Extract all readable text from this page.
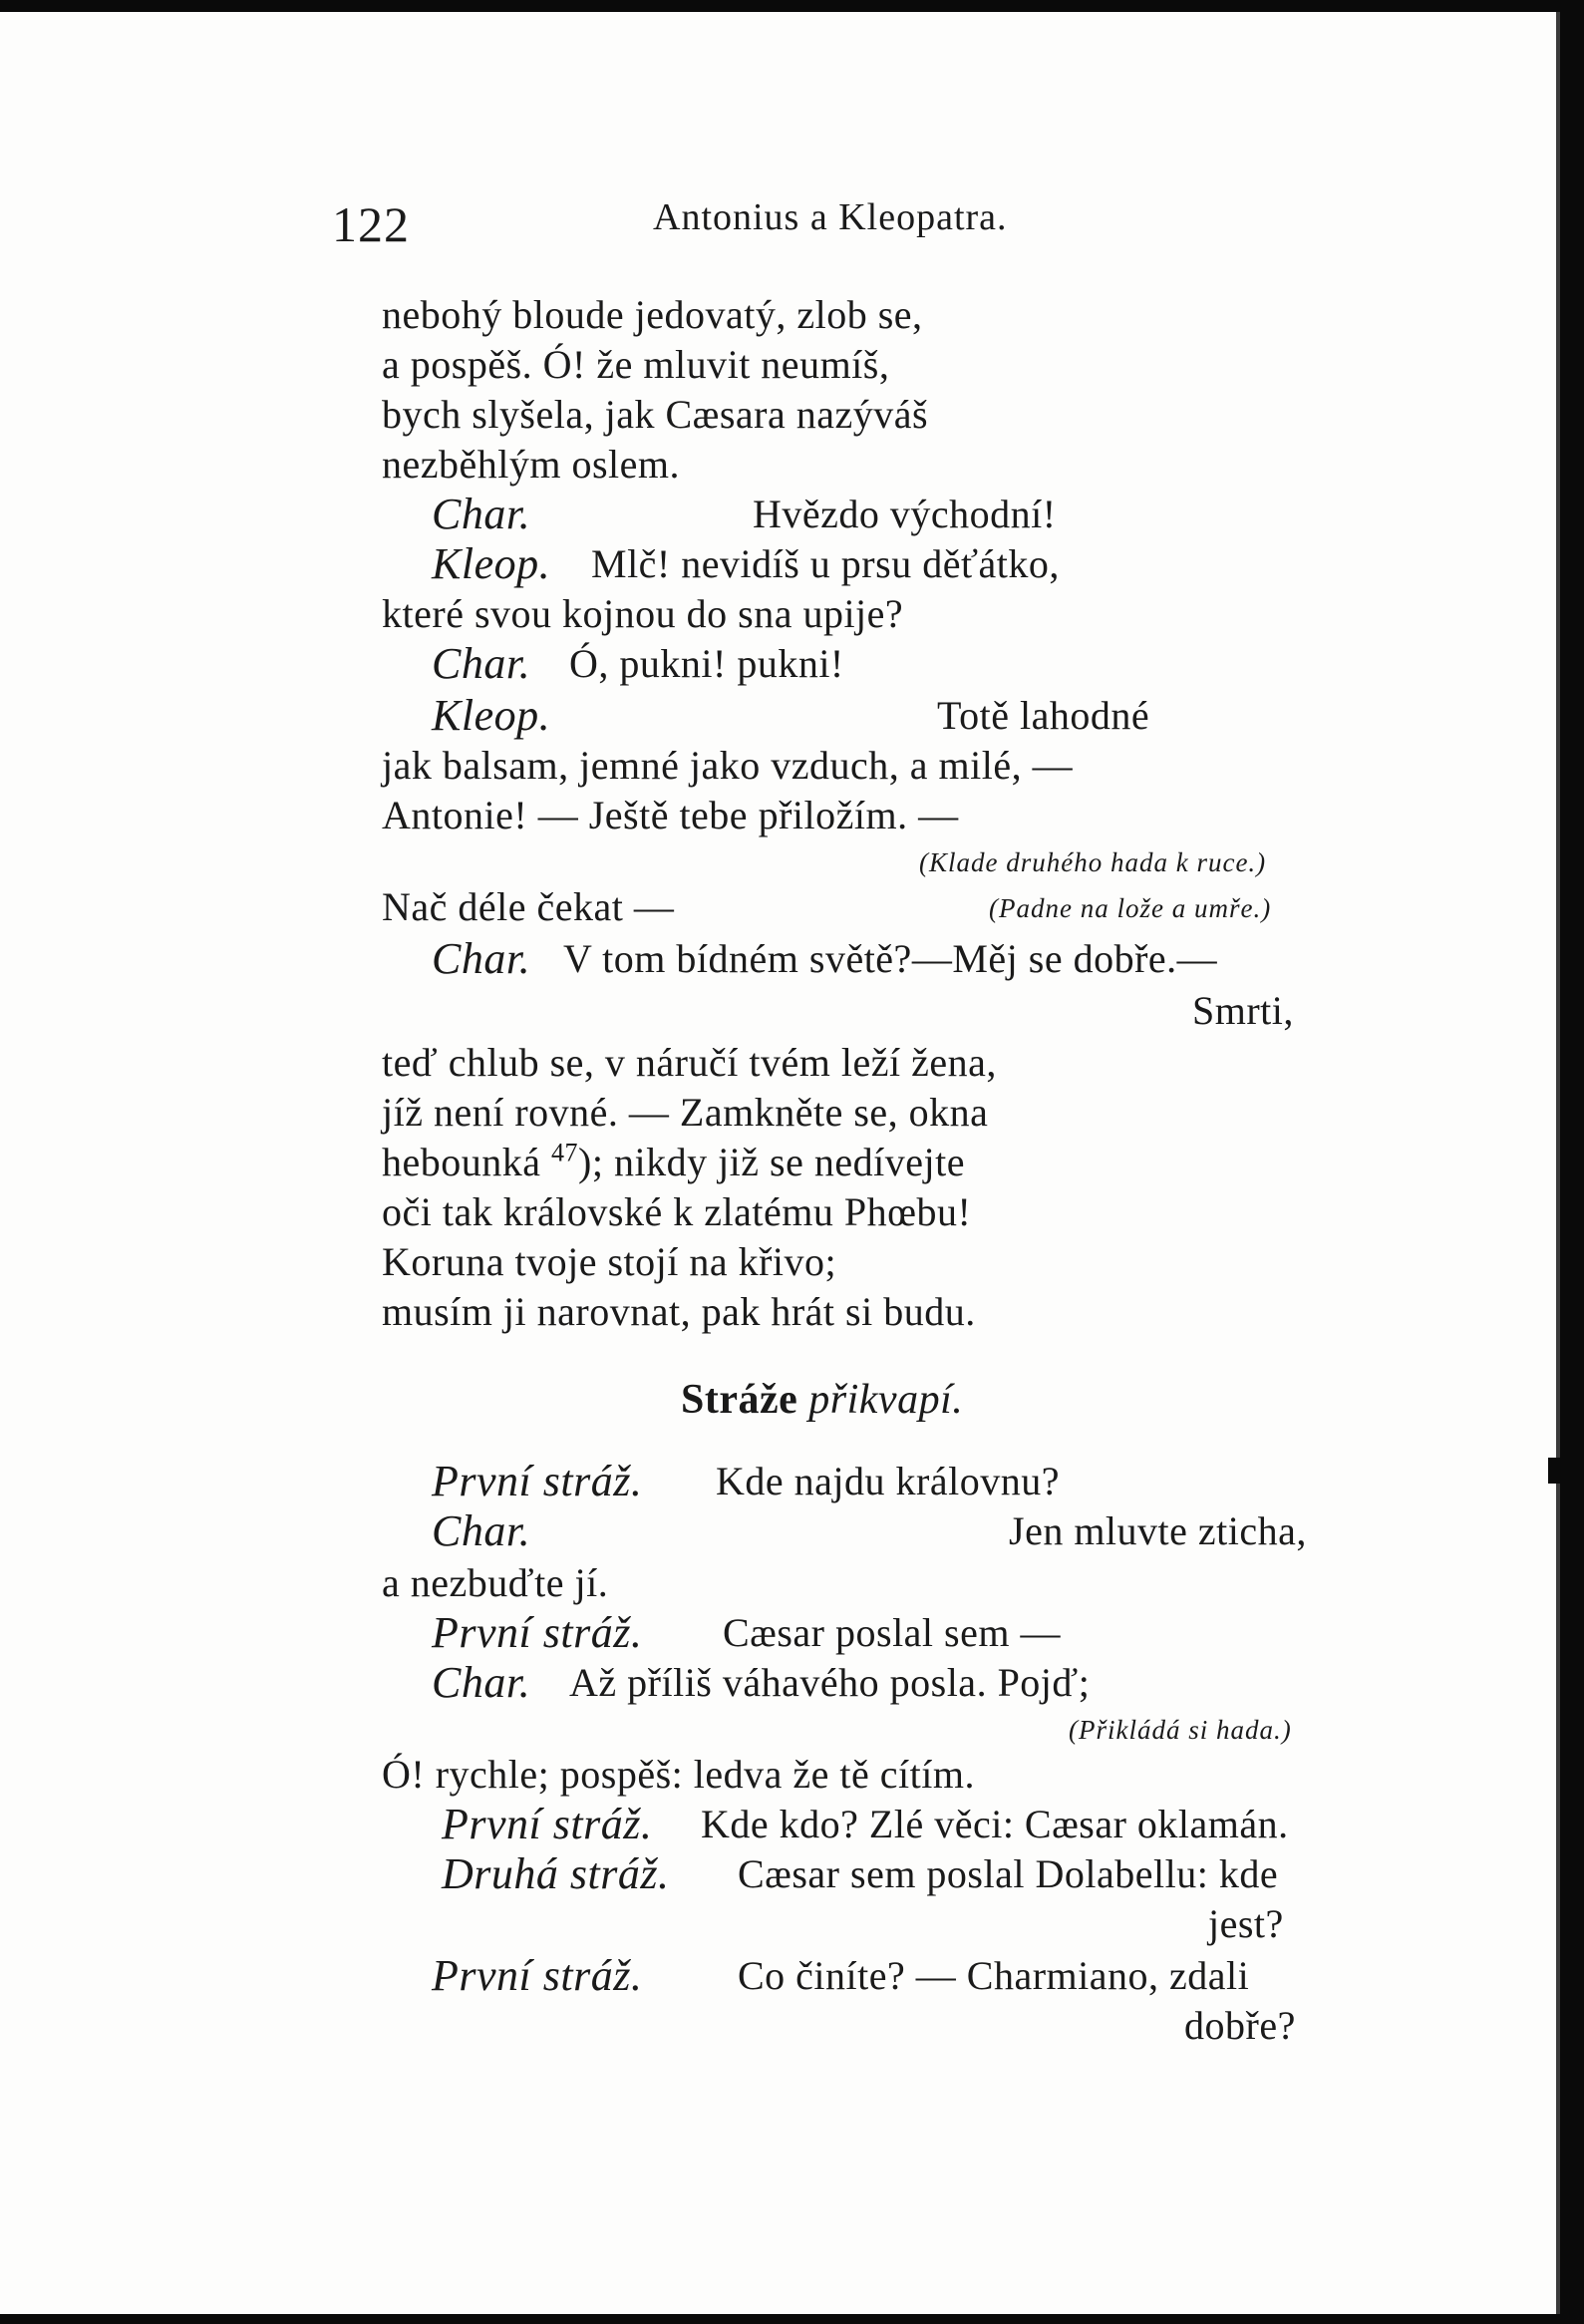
122	Antonius a Kleopatra.
nebohý bloude jedovatý, zlob se,
a pospěš. Ó! že mluvit neumíš,
bych slyšela, jak Cæsara nazýváš
nezběhlým oslem.
Char.	Hvězdo východní!
Kleop. Mlč! nevidíš u prsu děťátko,
které svou kojnou do sna upije?
Char. Ó, pukni! pukni!
Kleop.	Totě lahodné
jak balsam, jemné jako vzduch, a milé, —
Antonie! — Ještě tebe přiložím. —
(Klade druhého hada k ruce.)
Nač déle čekat —	(Padne na lože a umře.)
Char. V tom bídném světě?—Měj se dobře.—
Smrti,
teď chlub se, v náručí tvém leží žena,
jíž není rovné. — Zamkněte se, okna
hebounká $^{47}$); nikdy již se nedívejte
oči tak královské k zlatému Phœbu!
Koruna tvoje stojí na křivo;
musím ji narovnat, pak hrát si budu.
Stráže přikvapí.
První stráž. Kde najdu královnu?
Char.	Jen mluvte zticha,
a nezbuďte jí.
První stráž. Cæsar poslal sem —
Char. Až příliš váhavého posla. Pojď;
(Přikládá si hada.)
Ó! rychle; pospěš: ledva že tě cítím.
První stráž. Kde kdo? Zlé věci: Cæsar oklamán.
Druhá stráž. Cæsar sem poslal Dolabellu: kde
jest?
První stráž. Co činíte? — Charmiano, zdali
dobře?
